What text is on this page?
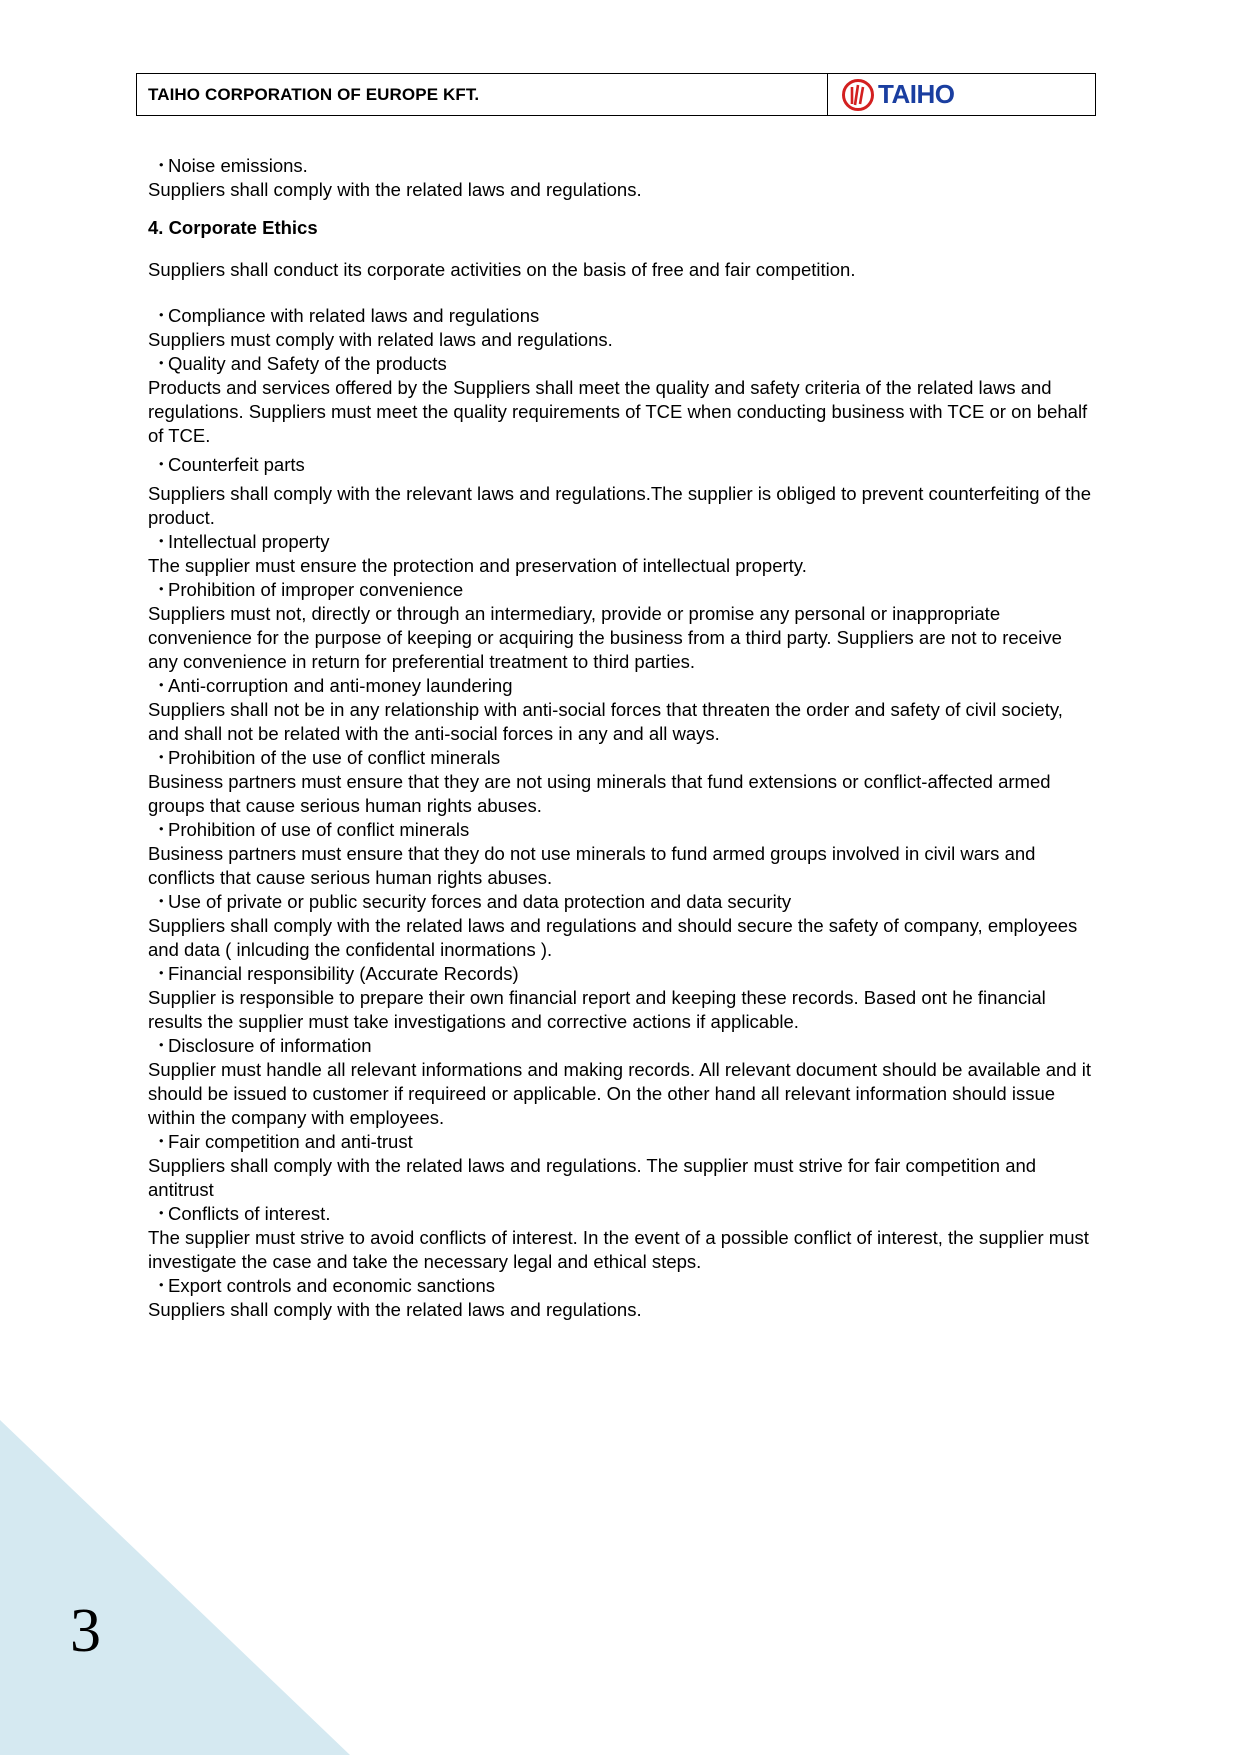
3
TAIHO CORPORATION OF EUROPE KFT.	TAIHO

・Noise emissions.

Suppliers shall comply with the related laws and regulations.

4. Corporate Ethics

Suppliers shall conduct its corporate activities on the basis of free and fair competition.

・Compliance with related laws and regulations

Suppliers must comply with related laws and regulations.

・Quality and Safety of the products

Products and services offered by the Suppliers shall meet the quality and safety criteria of the related laws and regulations. Suppliers must meet the quality requirements of TCE when conducting business with TCE or on behalf of TCE.

・Counterfeit parts

Suppliers shall comply with the relevant laws and regulations.The supplier is obliged to prevent counterfeiting of the product.

・Intellectual property

The supplier must ensure the protection and preservation of intellectual property.

・Prohibition of improper convenience

Suppliers must not, directly or through an intermediary, provide or promise any personal or inappropriate convenience for the purpose of keeping or acquiring the business from a third party. Suppliers are not to receive any convenience in return for preferential treatment to third parties.

・Anti-corruption and anti-money laundering

Suppliers shall not be in any relationship with anti-social forces that threaten the order and safety of civil society, and shall not be related with the anti-social forces in any and all ways.

・Prohibition of the use of conflict minerals

Business partners must ensure that they are not using minerals that fund extensions or conflict-affected armed groups that cause serious human rights abuses.

・Prohibition of use of conflict minerals

Business partners must ensure that they do not use minerals to fund armed groups involved in civil wars and conflicts that cause serious human rights abuses.

・Use of private or public security forces and data protection and data security

Suppliers shall comply with the related laws and regulations and should secure the safety of company, employees and data ( inlcuding the confidental inormations ).

・Financial responsibility (Accurate Records)

Supplier is responsible to prepare their own financial report and keeping these records. Based ont he financial results the supplier must take investigations and corrective actions if applicable.

・Disclosure of information

Supplier must handle all relevant informations and making records. All relevant document should be available and it should be issued to customer if requireed or applicable. On the other hand all relevant information should issue within the company with employees.

・Fair competition and anti-trust

Suppliers shall comply with the related laws and regulations. The supplier must strive for fair competition and antitrust

・Conflicts of interest.

The supplier must strive to avoid conflicts of interest. In the event of a possible conflict of interest, the supplier must investigate the case and take the necessary legal and ethical steps.

・Export controls and economic sanctions

Suppliers shall comply with the related laws and regulations.
